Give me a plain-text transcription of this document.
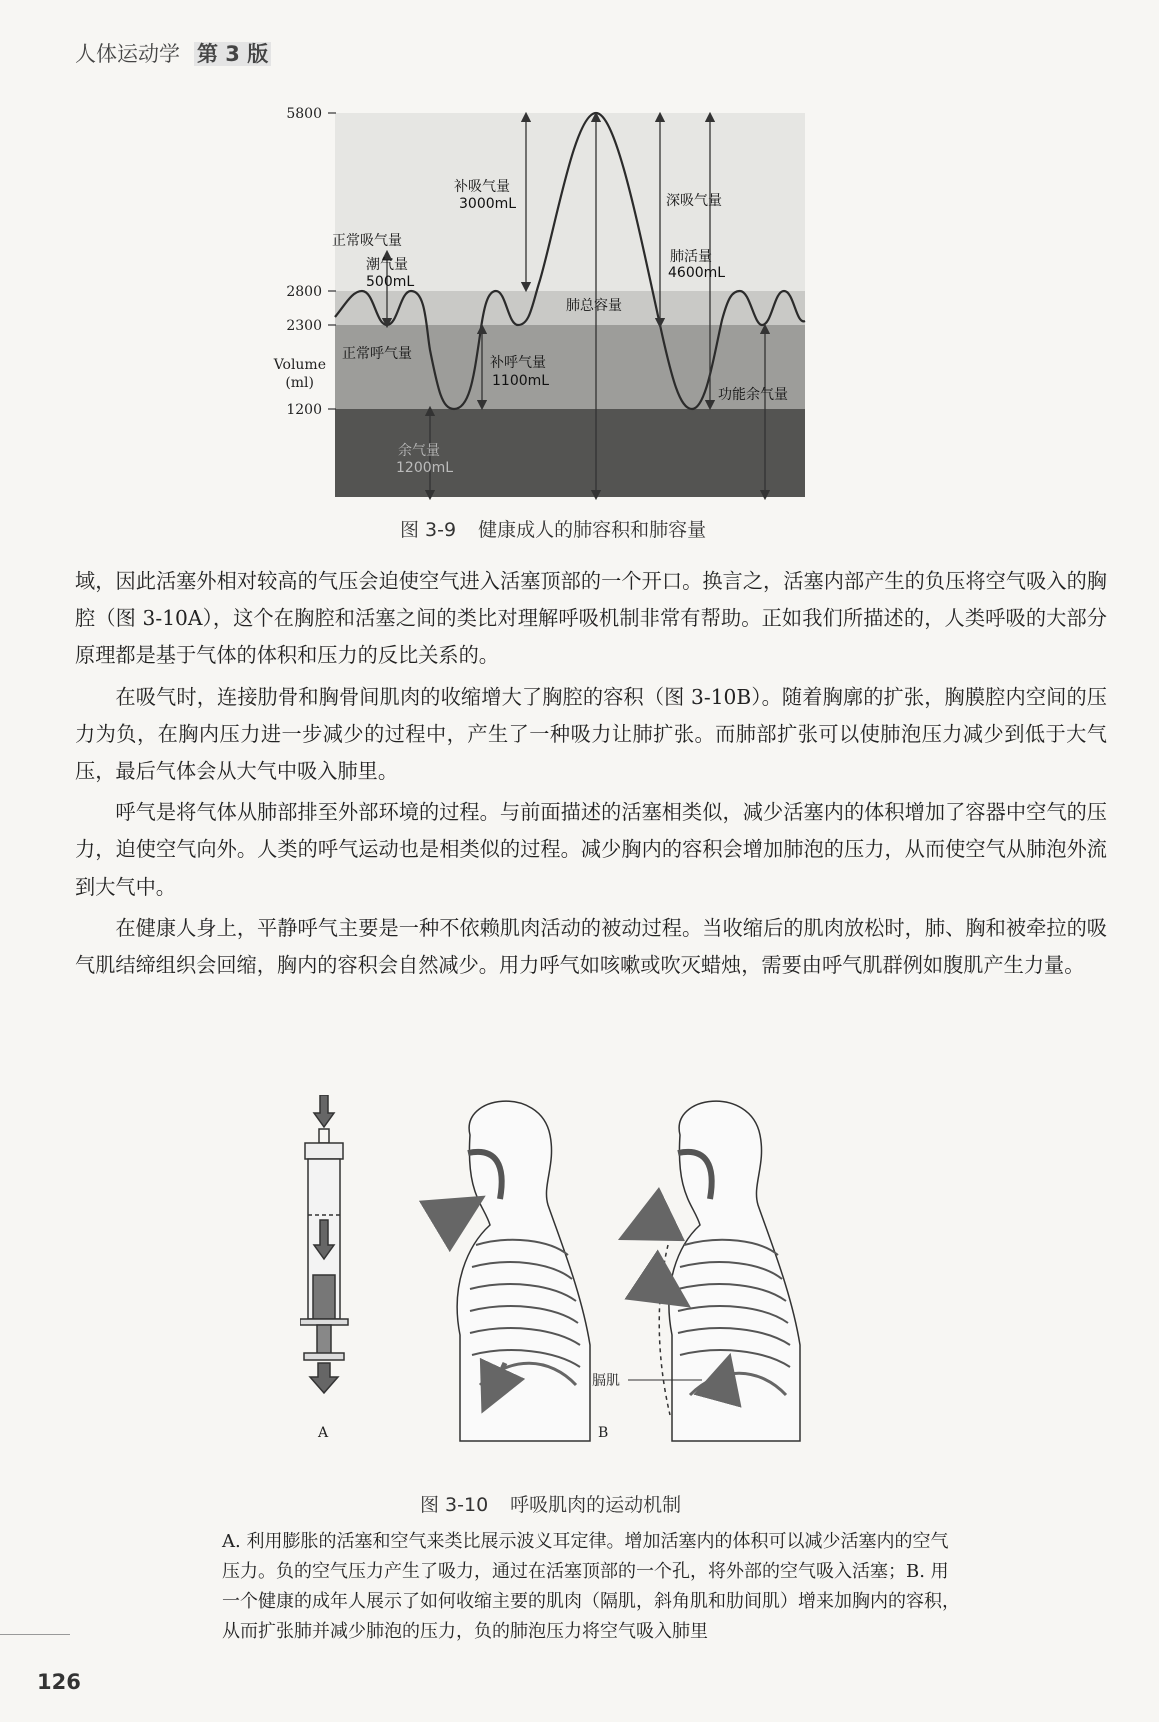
人体运动学 第 3 版
5800
2800
2300
1200
Volume
(ml)
补吸气量
3000mL	深吸气量
正常吸气量
潮气量
500mL
肺活量
4600mL
肺总容量
正常呼气量
补呼气量
1100mL
功能余气量
余气量
1200mL
图 3-9 健康成人的肺容积和肺容量

域，因此活塞外相对较高的气压会迫使空气进入活塞顶部的一个开口。换言之，活塞内部产生的负压将空气吸入的胸腔（图 3-10A），这个在胸腔和活塞之间的类比对理解呼吸机制非常有帮助。正如我们所描述的，人类呼吸的大部分原理都是基于气体的体积和压力的反比关系的。

在吸气时，连接肋骨和胸骨间肌肉的收缩增大了胸腔的容积（图 3-10B）。随着胸廓的扩张，胸膜腔内空间的压力为负，在胸内压力进一步减少的过程中，产生了一种吸力让肺扩张。而肺部扩张可以使肺泡压力减少到低于大气压，最后气体会从大气中吸入肺里。

呼气是将气体从肺部排至外部环境的过程。与前面描述的活塞相类似，减少活塞内的体积增加了容器中空气的压力，迫使空气向外。人类的呼气运动也是相类似的过程。减少胸内的容积会增加肺泡的压力，从而使空气从肺泡外流到大气中。

在健康人身上，平静呼气主要是一种不依赖肌肉活动的被动过程。当收缩后的肌肉放松时，肺、胸和被牵拉的吸气肌结缔组织会回缩，胸内的容积会自然减少。用力呼气如咳嗽或吹灭蜡烛，需要由呼气肌群例如腹肌产生力量。

膈肌
A	B
图 3-10 呼吸肌肉的运动机制
A. 利用膨胀的活塞和空气来类比展示波义耳定律。增加活塞内的体积可以减少活塞内的空气压力。负的空气压力产生了吸力，通过在活塞顶部的一个孔，将外部的空气吸入活塞；B. 用一个健康的成年人展示了如何收缩主要的肌肉（隔肌，斜角肌和肋间肌）增来加胸内的容积，从而扩张肺并减少肺泡的压力，负的肺泡压力将空气吸入肺里
126
